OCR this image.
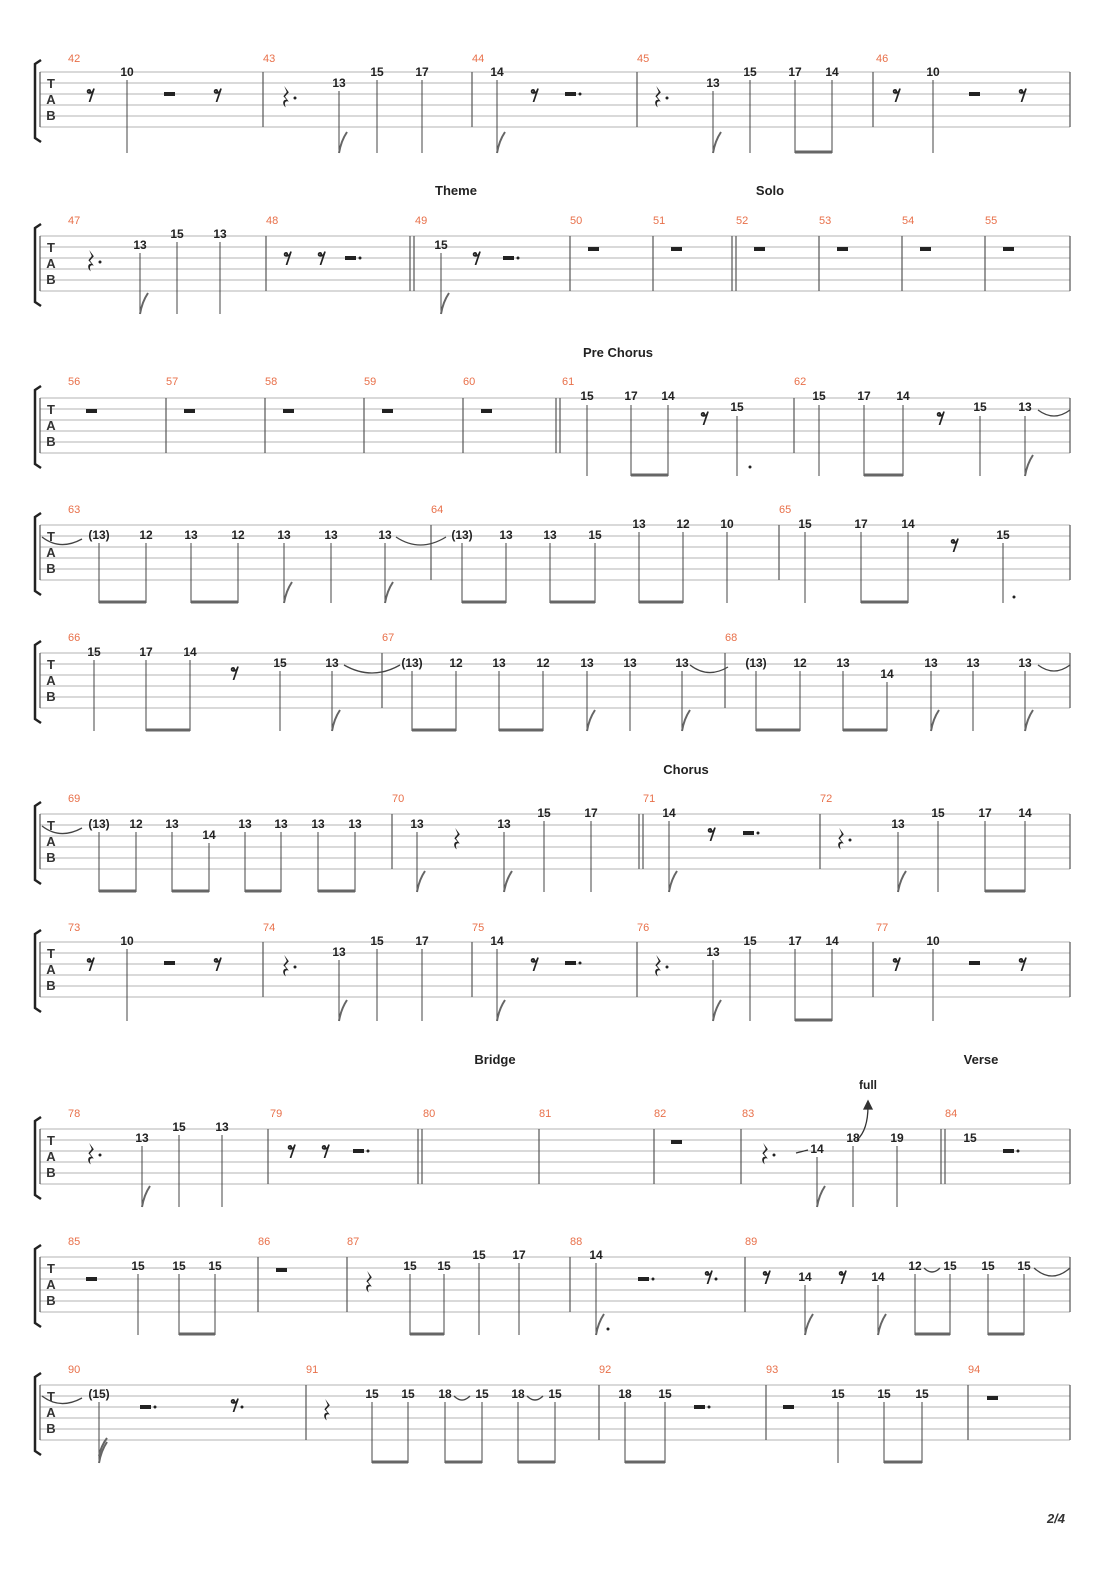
T
A
B
42	43	44	45	46
10
13
15	17	14
13
15	17 14	10
Theme	Solo
T
A
B
47	48	49	50	51	52	53	54	55
13
15 13
15
Pre Chorus
T
A
B
56	57	58	59	60	61	62
15	17 14
15
15	17 14
15	13
T
A
B
63	64	65
(13) 12	13	12	13	13	13	(13) 13	13	15
13	12	10	15	17	14
15
T
A
B
66	67	68
15	17	14
15	13	(13) 12 13	12	13 13	13	(13) 12 13
14
13 13	13
Chorus
T
A
B
69	70	71	72
(13) 12 13
14
13 13 13 13	13	13
15	17	14
13
15	17 14
T
A
B
73	74	75	76	77
10
13
15	17	14
13
15	17 14	10
Bridge	Verse
full
T
A
B
78	79	80	81	82	83	84
13
15 13
14
18	19	15
T
A
B
85	86	87	88	89
15 15 15	15 15
15 17	14
14	14
12 15 15 15
T
A
B
90	91	92	93	94
(15)	15 15 18 15 18 15	18 15	15	15 15
2/4
